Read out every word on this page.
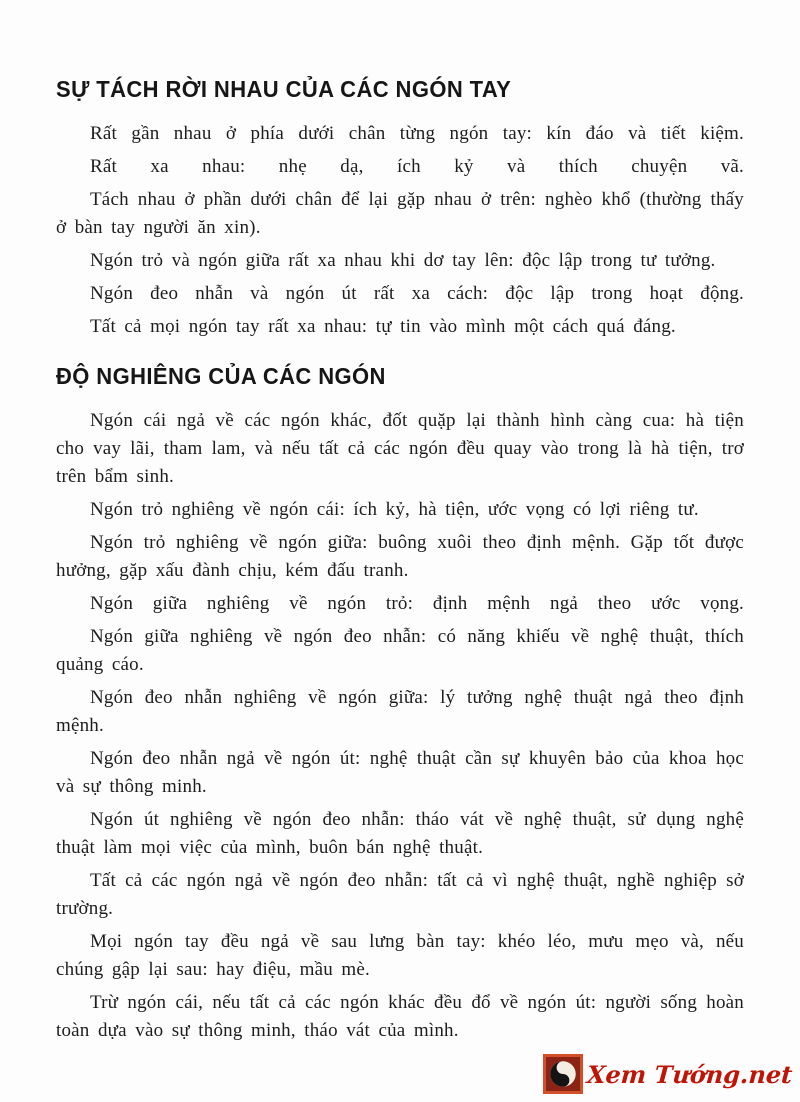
SỰ TÁCH RỜI NHAU CỦA CÁC NGÓN TAY

Rất gần nhau ở phía dưới chân từng ngón tay: kín đáo và tiết kiệm.

Rất xa nhau: nhẹ dạ, ích kỷ và thích chuyện vã.

Tách nhau ở phần dưới chân để lại gặp nhau ở trên: nghèo khổ (thường thấy ở bàn tay người ăn xin).

Ngón trỏ và ngón giữa rất xa nhau khi dơ tay lên: độc lập trong tư tưởng.

Ngón đeo nhẫn và ngón út rất xa cách: độc lập trong hoạt động.

Tất cả mọi ngón tay rất xa nhau: tự tin vào mình một cách quá đáng.

ĐỘ NGHIÊNG CỦA CÁC NGÓN

Ngón cái ngả về các ngón khác, đốt quặp lại thành hình càng cua: hà tiện cho vay lãi, tham lam, và nếu tất cả các ngón đều quay vào trong là hà tiện, trơ trên bẩm sinh.

Ngón trỏ nghiêng về ngón cái: ích kỷ, hà tiện, ước vọng có lợi riêng tư.

Ngón trỏ nghiêng về ngón giữa: buông xuôi theo định mệnh. Gặp tốt được hưởng, gặp xấu đành chịu, kém đấu tranh.

Ngón giữa nghiêng về ngón trỏ: định mệnh ngả theo ước vọng.

Ngón giữa nghiêng về ngón đeo nhẫn: có năng khiếu về nghệ thuật, thích quảng cáo.

Ngón đeo nhẫn nghiêng về ngón giữa: lý tưởng nghệ thuật ngả theo định mệnh.

Ngón đeo nhẫn ngả về ngón út: nghệ thuật cần sự khuyên bảo của khoa học và sự thông minh.

Ngón út nghiêng về ngón đeo nhẫn: tháo vát về nghệ thuật, sử dụng nghệ thuật làm mọi việc của mình, buôn bán nghệ thuật.

Tất cả các ngón ngả về ngón đeo nhẫn: tất cả vì nghệ thuật, nghề nghiệp sở trường.

Mọi ngón tay đều ngả về sau lưng bàn tay: khéo léo, mưu mẹo và, nếu chúng gập lại sau: hay điệu, mầu mè.

Trừ ngón cái, nếu tất cả các ngón khác đều đổ về ngón út: người sống hoàn toàn dựa vào sự thông minh, tháo vát của mình.

Xem Tướng.net
